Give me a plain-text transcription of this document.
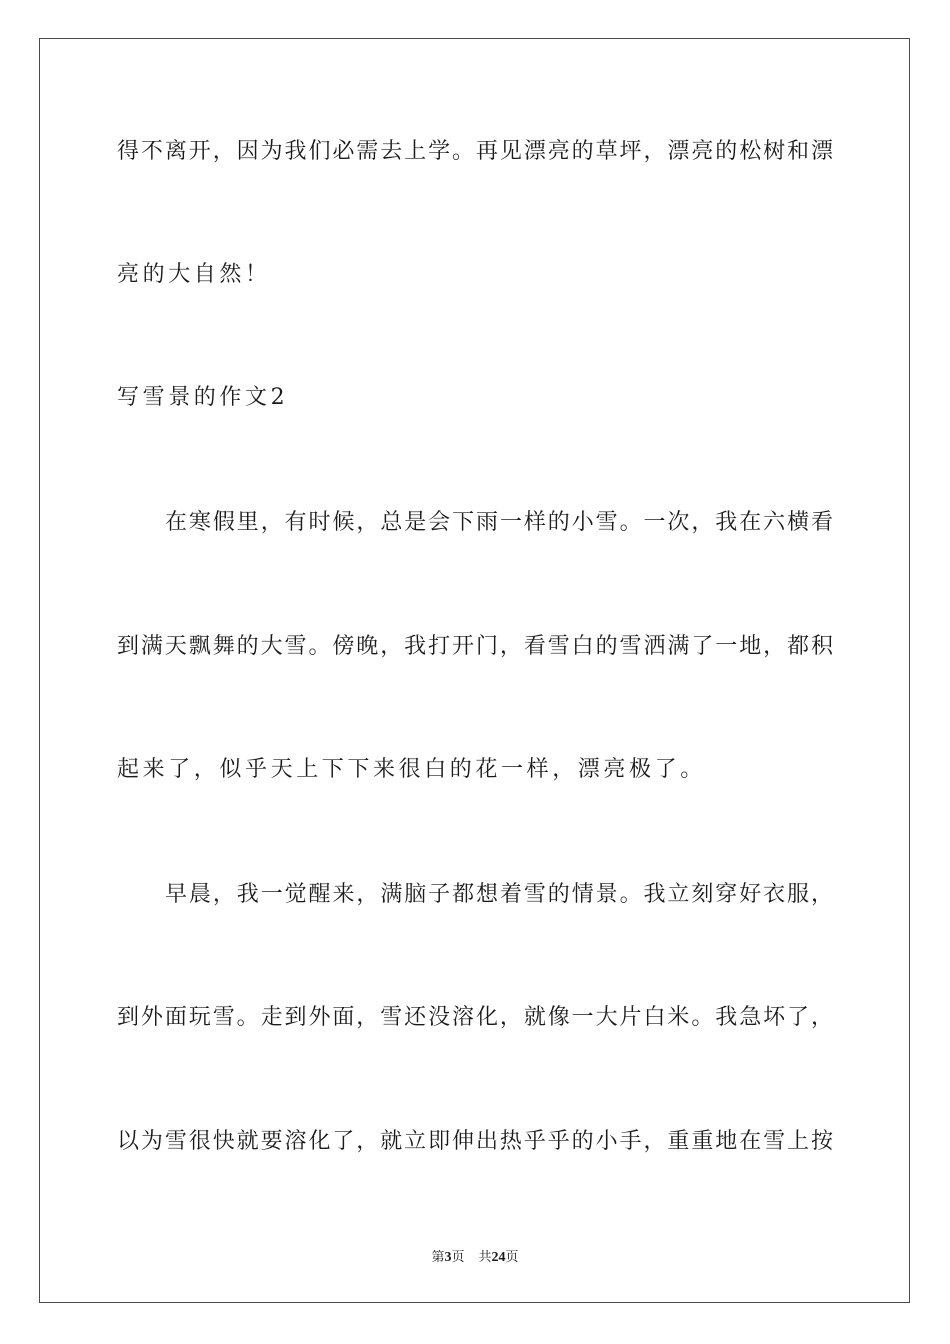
得不离开，因为我们必需去上学。再见漂亮的草坪，漂亮的松树和漂
亮的大自然！
写雪景的作文2
在寒假里，有时候，总是会下雨一样的小雪。一次，我在六横看
到满天飘舞的大雪。傍晚，我打开门，看雪白的雪洒满了一地，都积
起来了，似乎天上下下来很白的花一样，漂亮极了。
早晨，我一觉醒来，满脑子都想着雪的情景。我立刻穿好衣服，
到外面玩雪。走到外面，雪还没溶化，就像一大片白米。我急坏了，
以为雪很快就要溶化了，就立即伸出热乎乎的小手，重重地在雪上按
第3页 共24页
